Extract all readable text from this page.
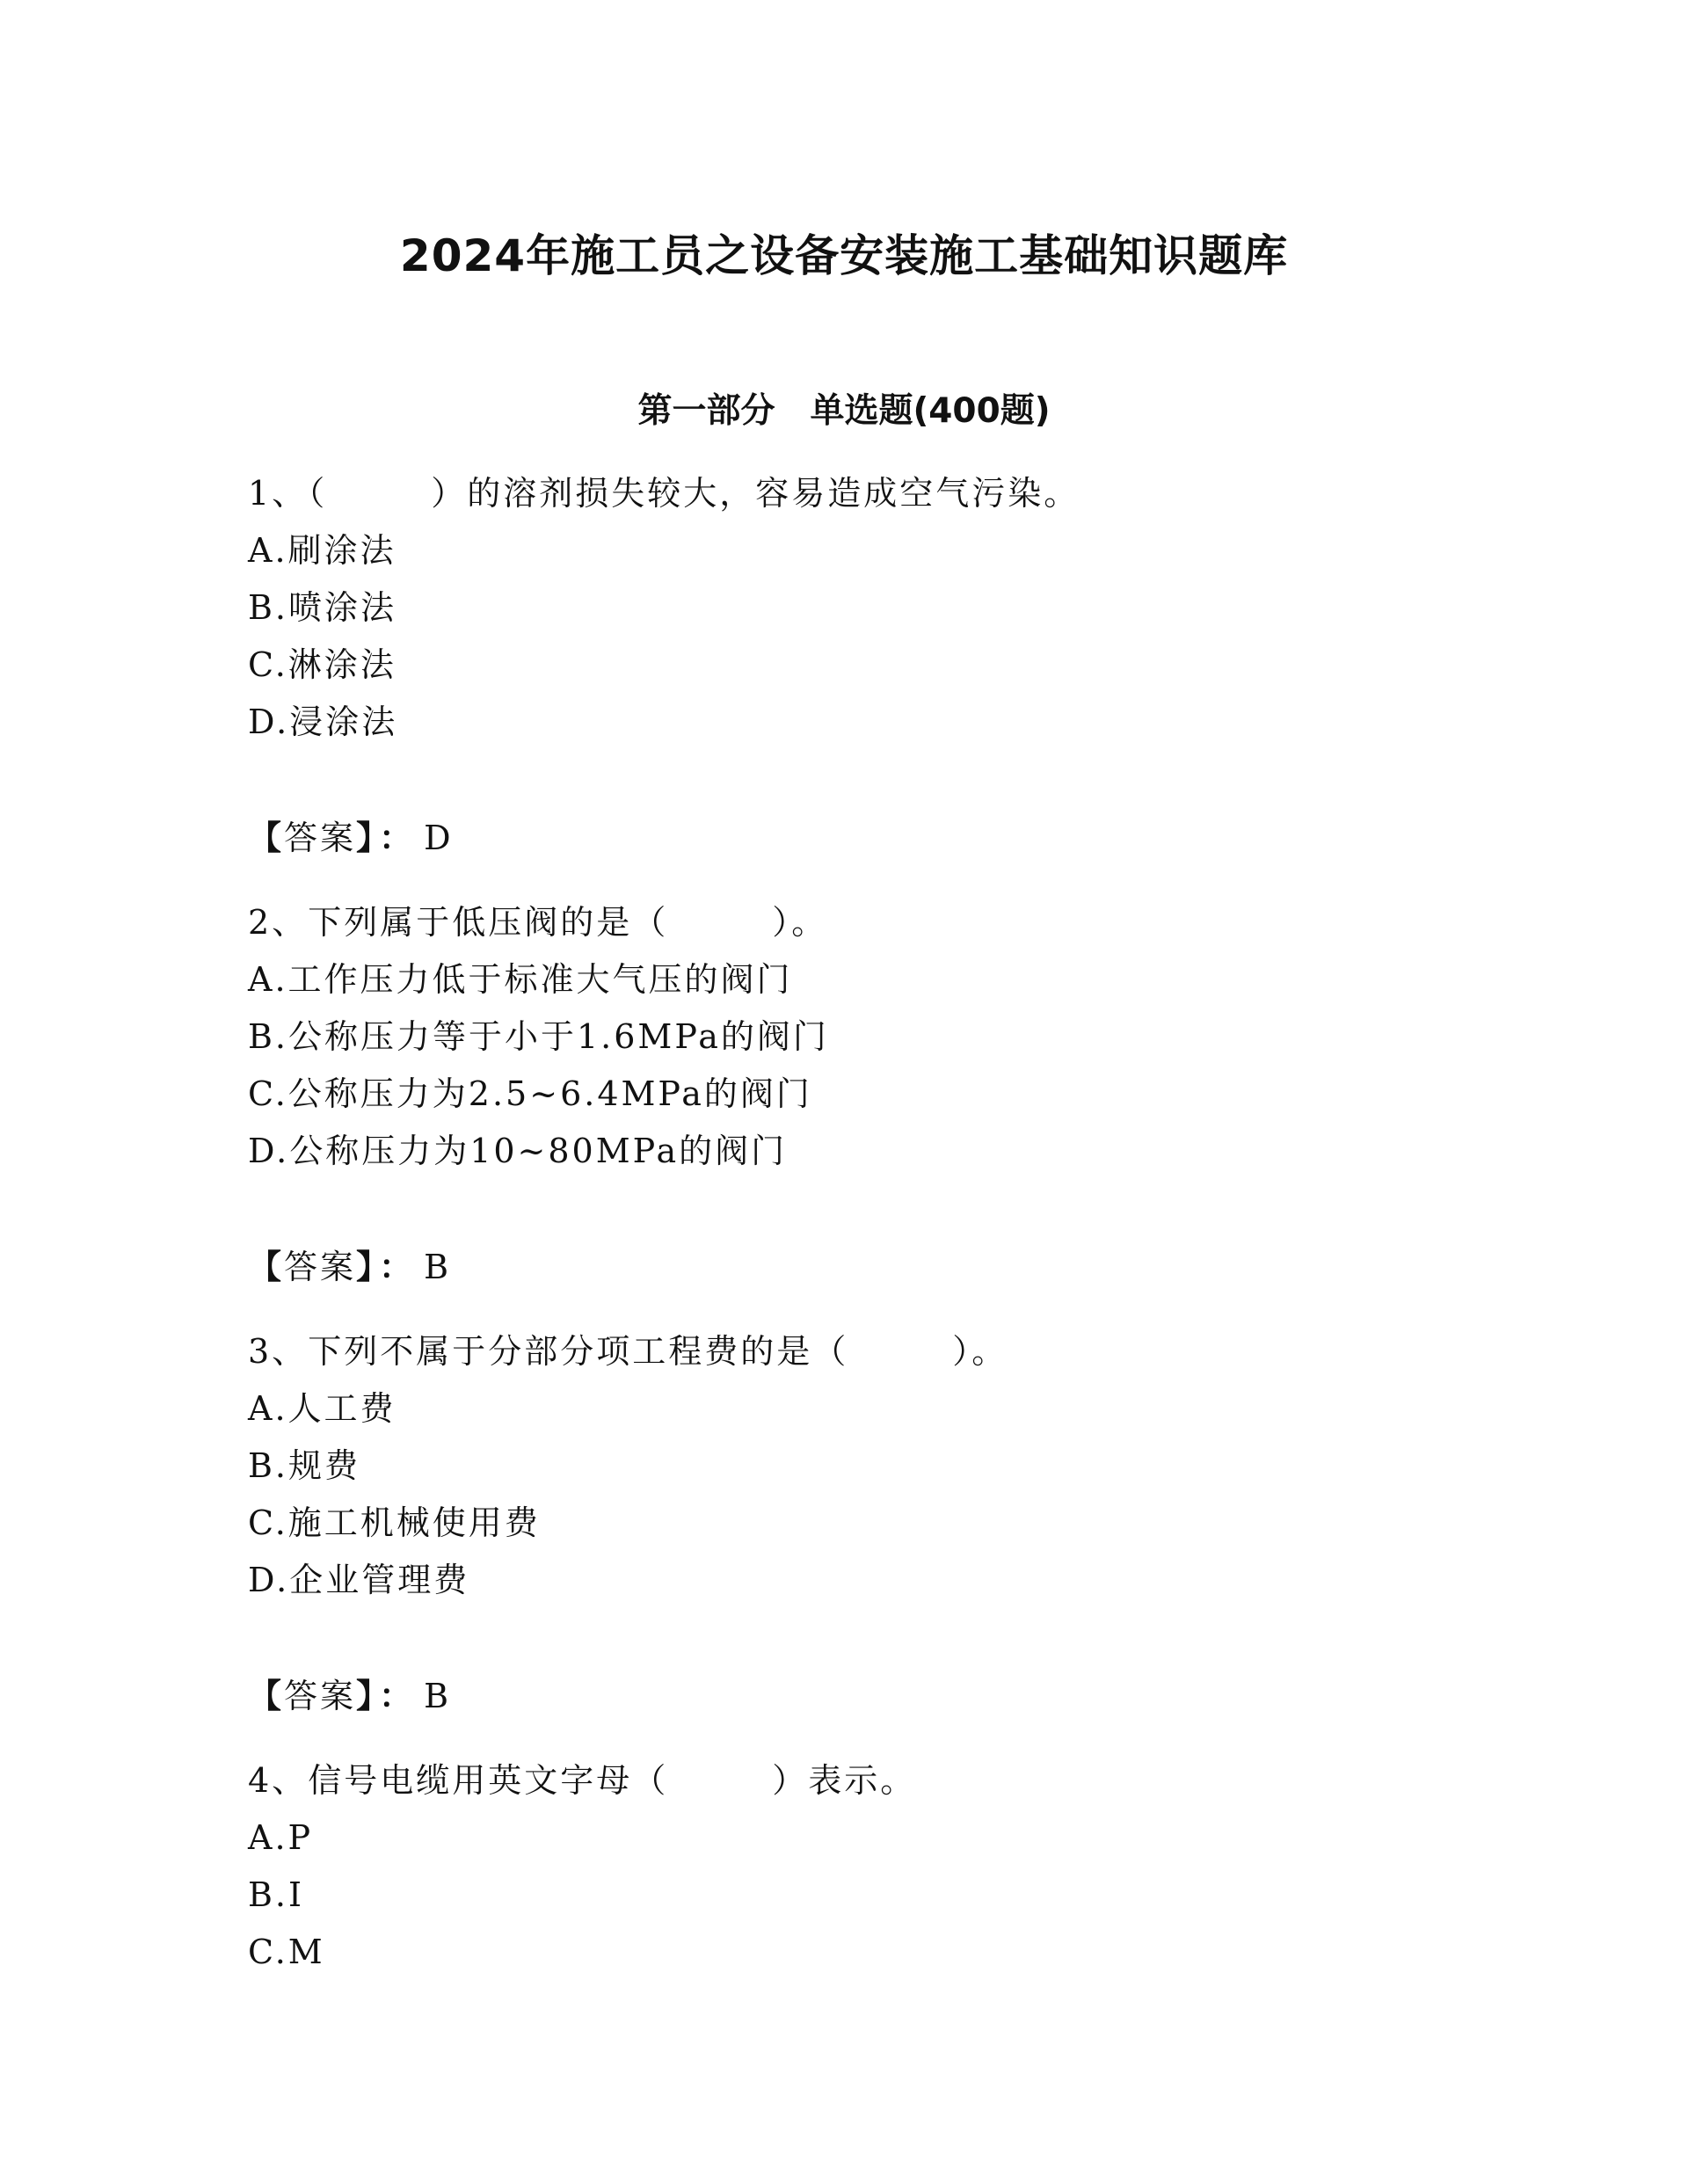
2024年施工员之设备安装施工基础知识题库
第一部分 单选题(400题)
1、（	）的溶剂损失较大，容易造成空气污染。
A.刷涂法
B.喷涂法
C.淋涂法
D.浸涂法
【答案】 ： D
2、下列属于低压阀的是（	）。
A.工作压力低于标准大气压的阀门
B.公称压力等于小于1.6MPa的阀门
C.公称压力为2.5~6.4MPa的阀门
D.公称压力为10~80MPa的阀门
【答案】 ： B
3、下列不属于分部分项工程费的是（	）。
A.人工费
B.规费
C.施工机械使用费
D.企业管理费
【答案】 ： B
4、信号电缆用英文字母（	）表示。
A.P
B.I
C.M
